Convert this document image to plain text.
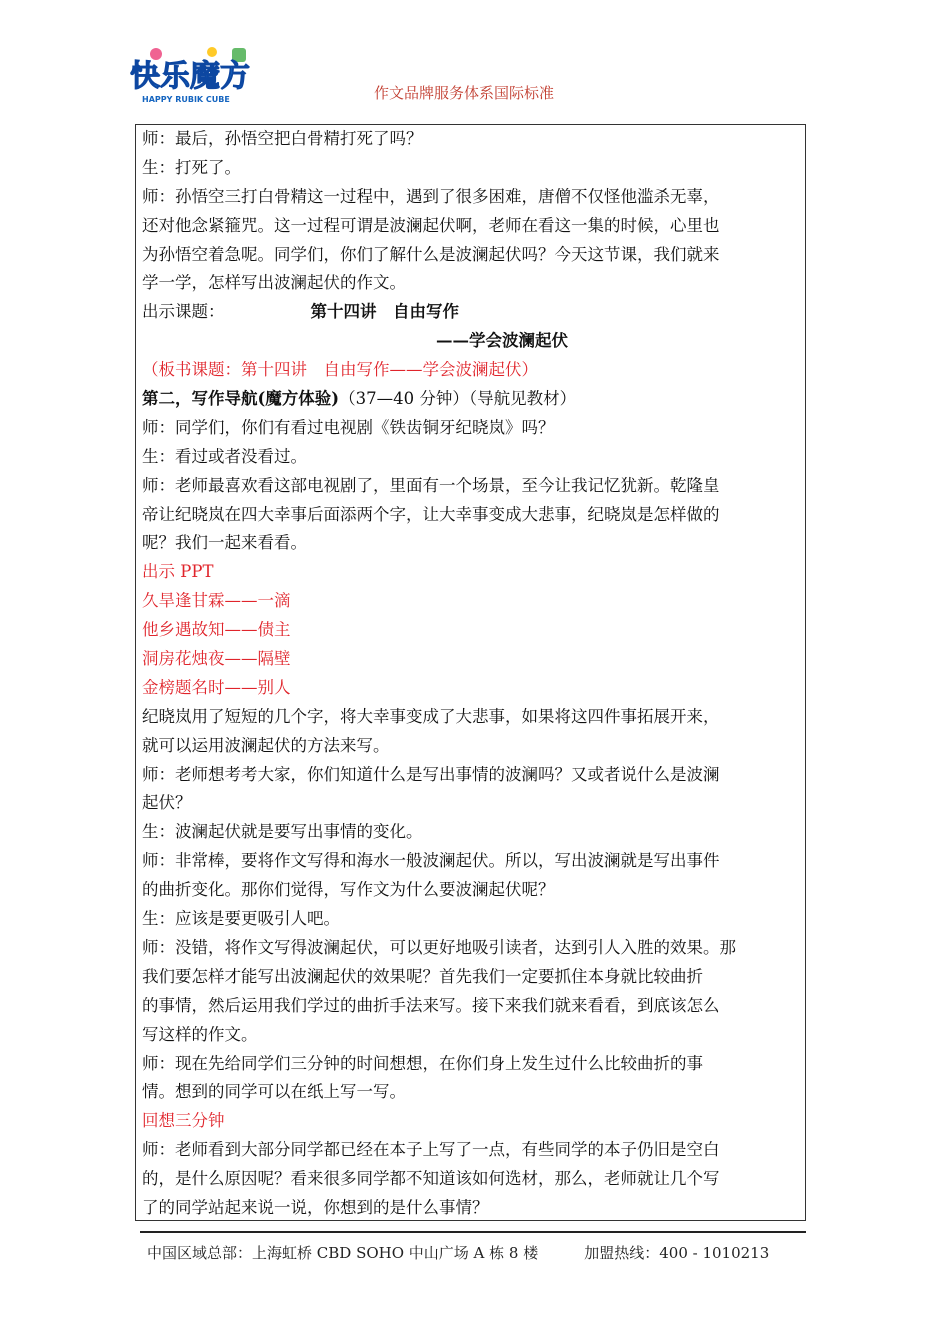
快乐魔方
HAPPY RUBIK CUBE	作文品牌服务体系国际标准
师：最后，孙悟空把白骨精打死了吗？
生：打死了。
师：孙悟空三打白骨精这一过程中，遇到了很多困难，唐僧不仅怪他滥杀无辜，
还对他念紧箍咒。这一过程可谓是波澜起伏啊，老师在看这一集的时候，心里也
为孙悟空着急呢。同学们，你们了解什么是波澜起伏吗？今天这节课，我们就来
学一学，怎样写出波澜起伏的作文。
出示课题：	第十四讲　自由写作
——学会波澜起伏
（板书课题：第十四讲　自由写作——学会波澜起伏）
第二，写作导航(魔方体验)（37—40 分钟）（导航见教材）
师：同学们，你们有看过电视剧《铁齿铜牙纪晓岚》吗？
生：看过或者没看过。
师：老师最喜欢看这部电视剧了，里面有一个场景，至今让我记忆犹新。乾隆皇
帝让纪晓岚在四大幸事后面添两个字，让大幸事变成大悲事，纪晓岚是怎样做的
呢？我们一起来看看。
出示 PPT
久旱逢甘霖——一滴
他乡遇故知——债主
洞房花烛夜——隔壁
金榜题名时——别人
纪晓岚用了短短的几个字，将大幸事变成了大悲事，如果将这四件事拓展开来，
就可以运用波澜起伏的方法来写。
师：老师想考考大家，你们知道什么是写出事情的波澜吗？又或者说什么是波澜
起伏？
生：波澜起伏就是要写出事情的变化。
师：非常棒，要将作文写得和海水一般波澜起伏。所以，写出波澜就是写出事件
的曲折变化。那你们觉得，写作文为什么要波澜起伏呢？
生：应该是要更吸引人吧。
师：没错，将作文写得波澜起伏，可以更好地吸引读者，达到引人入胜的效果。那
我们要怎样才能写出波澜起伏的效果呢？首先我们一定要抓住本身就比较曲折
的事情，然后运用我们学过的曲折手法来写。接下来我们就来看看，到底该怎么
写这样的作文。
师：现在先给同学们三分钟的时间想想，在你们身上发生过什么比较曲折的事
情。想到的同学可以在纸上写一写。
回想三分钟
师：老师看到大部分同学都已经在本子上写了一点，有些同学的本子仍旧是空白
的，是什么原因呢？看来很多同学都不知道该如何选材，那么，老师就让几个写
了的同学站起来说一说，你想到的是什么事情？
中国区域总部：上海虹桥 CBD SOHO 中山广场 A 栋 8 楼	加盟热线：400 - 1010213
